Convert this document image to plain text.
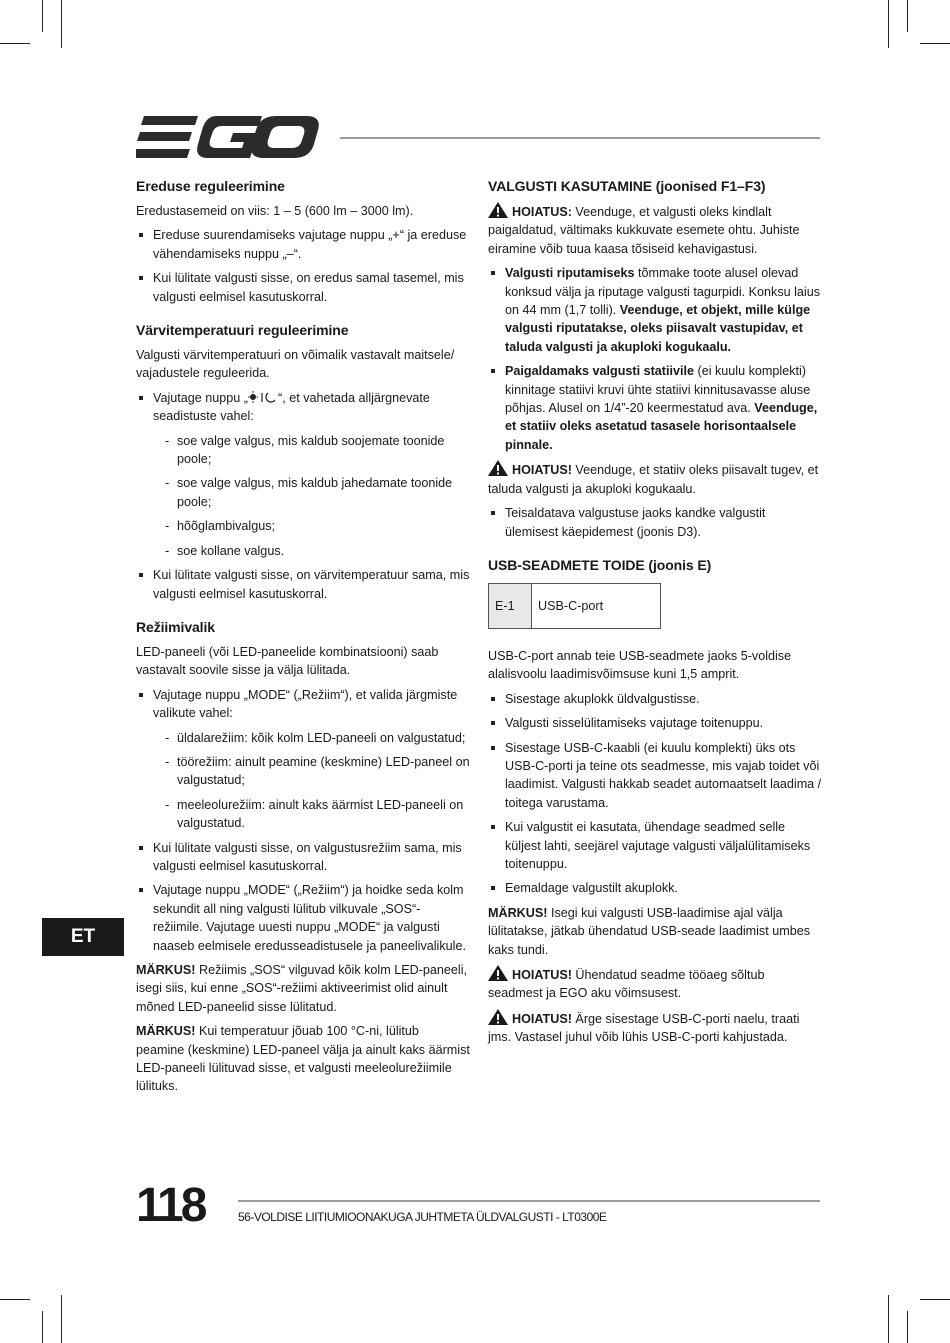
Ereduse reguleerimine

Eredustasemeid on viis: 1 – 5 (600 lm – 3000 lm).

Ereduse suurendamiseks vajutage nuppu „+“ ja ereduse vähendamiseks nuppu „–“.
Kui lülitate valgusti sisse, on eredus samal tasemel, mis valgusti eelmisel kasutuskorral.
Värvitemperatuuri reguleerimine

Valgusti värvitemperatuuri on võimalik vastavalt maitsele/ vajadustele reguleerida.

Vajutage nuppu „ “, et vahetada alljärgnevate seadistuste vahel:
- soe valge valgus, mis kaldub soojemate toonide poole;
- soe valge valgus, mis kaldub jahedamate toonide poole;
- hõõglambivalgus;
- soe kollane valgus.
Kui lülitate valgusti sisse, on värvitemperatuur sama, mis valgusti eelmisel kasutuskorral.
Režiimivalik

LED-paneeli (või LED-paneelide kombinatsiooni) saab vastavalt soovile sisse ja välja lülitada.

Vajutage nuppu „MODE“ („Režiim“), et valida järgmiste valikute vahel:
- üldalarežiim: kõik kolm LED-paneeli on valgustatud;
- töörežiim: ainult peamine (keskmine) LED-paneel on valgustatud;
- meeleolurežiim: ainult kaks äärmist LED-paneeli on valgustatud.
Kui lülitate valgusti sisse, on valgustusrežiim sama, mis valgusti eelmisel kasutuskorral.
Vajutage nuppu „MODE“ („Režiim“) ja hoidke seda kolm sekundit all ning valgusti lülitub vilkuvale „SOS“-režiimile. Vajutage uuesti nuppu „MODE“ ja valgusti naaseb eelmisele eredusseadistusele ja paneelivalikule.

MÄRKUS! Režiimis „SOS“ vilguvad kõik kolm LED-paneeli, isegi siis, kui enne „SOS“-režiimi aktiveerimist olid ainult mõned LED-paneelid sisse lülitatud.

MÄRKUS! Kui temperatuur jõuab 100 °C-ni, lülitub peamine (keskmine) LED-paneel välja ja ainult kaks äärmist LED-paneeli lülituvad sisse, et valgusti meeleolurežiimile lülituks.

VALGUSTI KASUTAMINE (joonised F1–F3)

HOIATUS: Veenduge, et valgusti oleks kindlalt paigaldatud, vältimaks kukkuvate esemete ohtu. Juhiste eiramine võib tuua kaasa tõsiseid kehavigastusi.

Valgusti riputamiseks tõmmake toote alusel olevad konksud välja ja riputage valgusti tagurpidi. Konksu laius on 44 mm (1,7 tolli). Veenduge, et objekt, mille külge valgusti riputatakse, oleks piisavalt vastupidav, et taluda valgusti ja akuploki kogukaalu.
Paigaldamaks valgusti statiivile (ei kuulu komplekti) kinnitage statiivi kruvi ühte statiivi kinnitusavasse aluse põhjas. Alusel on 1/4”-20 keermestatud ava. Veenduge, et statiiv oleks asetatud tasasele horisontaalsele pinnale.

HOIATUS! Veenduge, et statiiv oleks piisavalt tugev, et taluda valgusti ja akuploki kogukaalu.

Teisaldatava valgustuse jaoks kandke valgustit ülemisest käepidemest (joonis D3).
USB-SEADMETE TOIDE (joonis E)
E-1	USB-C-port

USB-C-port annab teie USB-seadmete jaoks 5-voldise alalisvoolu laadimisvõimsuse kuni 1,5 amprit.

Sisestage akuplokk üldvalgustisse.
Valgusti sisselülitamiseks vajutage toitenuppu.
Sisestage USB-C-kaabli (ei kuulu komplekti) üks ots USB-C-porti ja teine ots seadmesse, mis vajab toidet või laadimist. Valgusti hakkab seadet automaatselt laadima / toitega varustama.
Kui valgustit ei kasutata, ühendage seadmed selle küljest lahti, seejärel vajutage valgusti väljalülitamiseks toitenuppu.
Eemaldage valgustilt akuplokk.

MÄRKUS! Isegi kui valgusti USB-laadimise ajal välja lülitatakse, jätkab ühendatud USB-seade laadimist umbes kaks tundi.

HOIATUS! Ühendatud seadme tööaeg sõltub seadmest ja EGO aku võimsusest.

HOIATUS! Ärge sisestage USB-C-porti naelu, traati jms. Vastasel juhul võib lühis USB-C-porti kahjustada.

ET
118	56-VOLDISE LIITIUMIOONAKUGA JUHTMETA ÜLDVALGUSTI - LT0300E
